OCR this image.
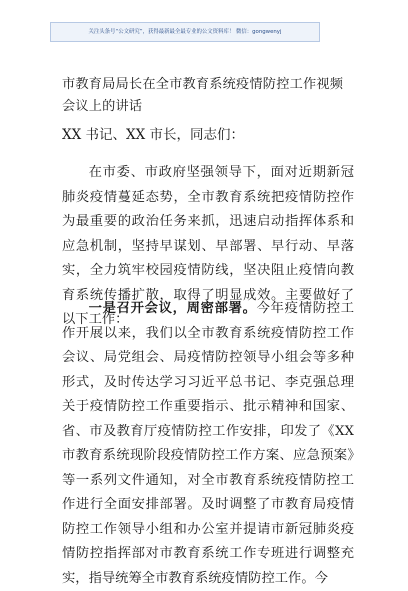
关注头条号“公文研究”，获得最新最全最专业的公文资料库！ 微信：gongwenyj
市教育局局长在全市教育系统疫情防控工作视频会议上的讲话
XX 书记、XX 市长，同志们：

在市委、市政府坚强领导下，面对近期新冠肺炎疫情蔓延态势，全市教育系统把疫情防控作为最重要的政治任务来抓，迅速启动指挥体系和应急机制，坚持早谋划、早部署、早行动、早落实，全力筑牢校园疫情防线，坚决阻止疫情向教育系统传播扩散，取得了明显成效。主要做好了以下工作：

一是召开会议，周密部署。今年疫情防控工作开展以来，我们以全市教育系统疫情防控工作会议、局党组会、局疫情防控领导小组会等多种形式，及时传达学习习近平总书记、李克强总理关于疫情防控工作重要指示、批示精神和国家、省、市及教育厅疫情防控工作安排，印发了《XX 市教育系统现阶段疫情防控工作方案、应急预案》等一系列文件通知，对全市教育系统疫情防控工作进行全面安排部署。及时调整了市教育局疫情防控工作领导小组和办公室并提请市新冠肺炎疫情防控指挥部对市教育系统工作专班进行调整充实，指导统筹全市教育系统疫情防控工作。今
